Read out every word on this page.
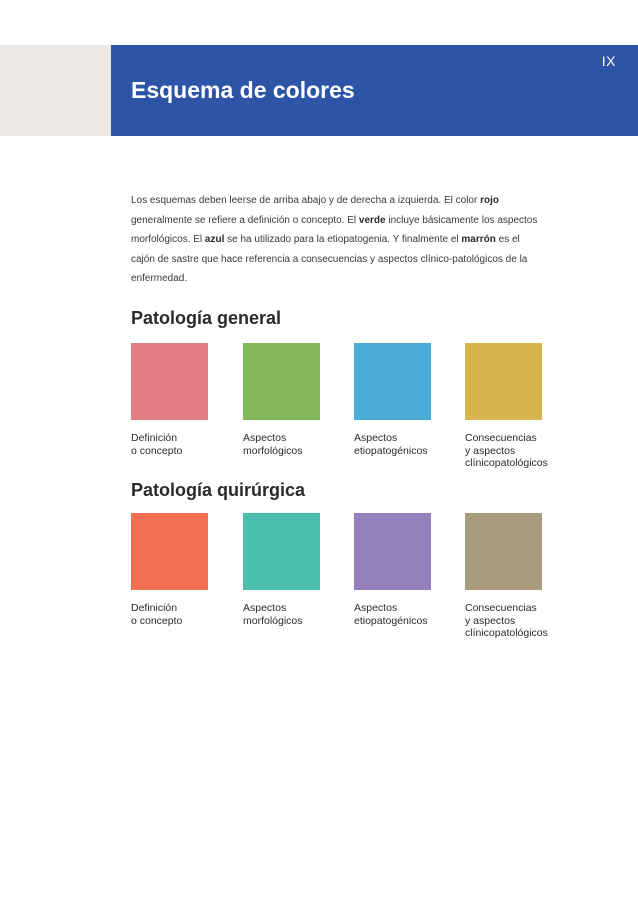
IX
Esquema de colores

Los esquemas deben leerse de arriba abajo y de derecha a izquierda. El color rojo generalmente se refiere a definición o concepto. El verde incluye básicamente los aspectos morfológicos. El azul se ha utilizado para la etiopatogenia. Y finalmente el marrón es el cajón de sastre que hace referencia a consecuencias y aspectos clínico-patológicos de la enfermedad.

Patología general

Definición
o concepto

Aspectos
morfológicos

Aspectos
etiopatogénicos

Consecuencias
y aspectos
clínicopatológicos

Patología quirúrgica

Definición
o concepto

Aspectos
morfológicos

Aspectos
etiopatogénicos

Consecuencias
y aspectos
clínicopatológicos
